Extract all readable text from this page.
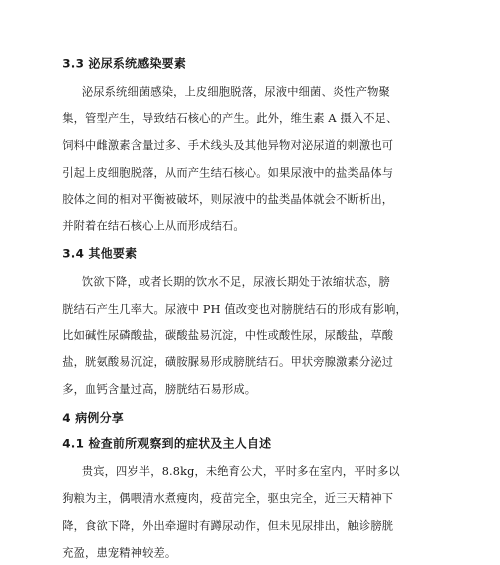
3.3 泌尿系统感染要素
泌尿系统细菌感染，上皮细胞脱落，尿液中细菌、炎性产物聚
集，管型产生，导致结石核心的产生。此外，维生素 A 摄入不足、
饲料中雌激素含量过多、手术线头及其他异物对泌尿道的刺激也可
引起上皮细胞脱落，从而产生结石核心。如果尿液中的盐类晶体与
胶体之间的相对平衡被破坏，则尿液中的盐类晶体就会不断析出，
并附着在结石核心上从而形成结石。
3.4 其他要素
饮欲下降，或者长期的饮水不足，尿液长期处于浓缩状态，膀
胱结石产生几率大。尿液中 PH 值改变也对膀胱结石的形成有影响，
比如碱性尿磷酸盐，碳酸盐易沉淀，中性或酸性尿，尿酸盐，草酸
盐，胱氨酸易沉淀，磺胺脲易形成膀胱结石。甲状旁腺激素分泌过
多，血钙含量过高，膀胱结石易形成。
4 病例分享
4.1 检查前所观察到的症状及主人自述
贵宾，四岁半，8.8kg，未绝育公犬，平时多在室内，平时多以
狗粮为主，偶喂清水煮瘦肉，疫苗完全，驱虫完全，近三天精神下
降，食欲下降，外出牵遛时有蹲尿动作，但未见尿排出，触诊膀胱
充盈，患宠精神较差。
